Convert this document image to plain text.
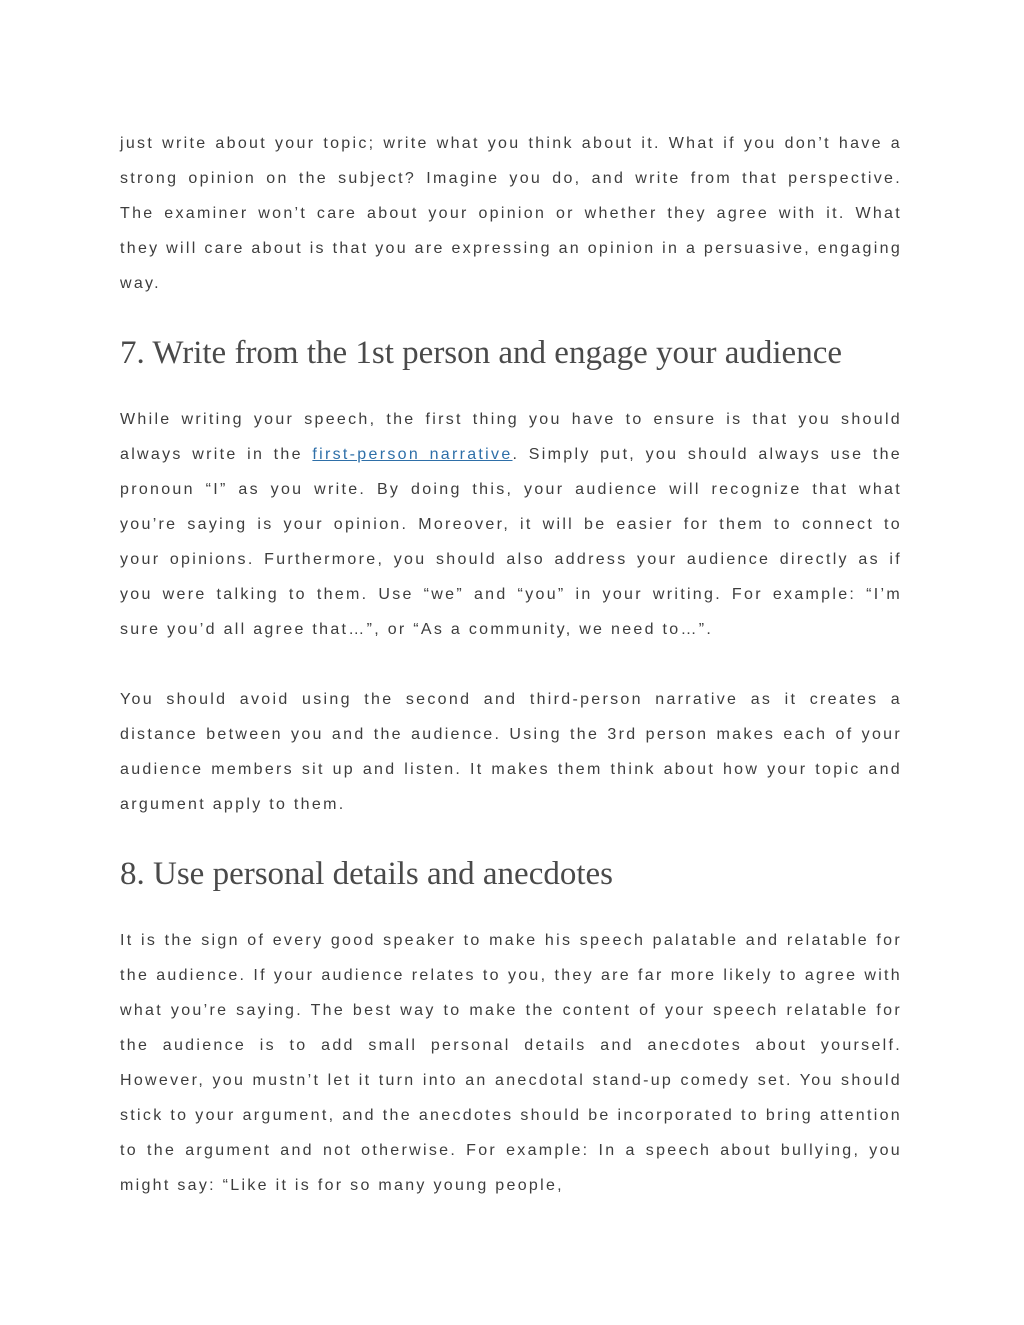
just write about your topic; write what you think about it. What if you don’t have a strong opinion on the subject? Imagine you do, and write from that perspective. The examiner won’t care about your opinion or whether they agree with it. What they will care about is that you are expressing an opinion in a persuasive, engaging way.

7. Write from the 1st person and engage your audience

While writing your speech, the first thing you have to ensure is that you should always write in the first-person narrative. Simply put, you should always use the pronoun “I” as you write. By doing this, your audience will recognize that what you’re saying is your opinion. Moreover, it will be easier for them to connect to your opinions. Furthermore, you should also address your audience directly as if you were talking to them. Use “we” and “you” in your writing. For example: “I’m sure you’d all agree that…”, or “As a community, we need to…”.

You should avoid using the second and third-person narrative as it creates a distance between you and the audience. Using the 3rd person makes each of your audience members sit up and listen. It makes them think about how your topic and argument apply to them.

8. Use personal details and anecdotes

It is the sign of every good speaker to make his speech palatable and relatable for the audience. If your audience relates to you, they are far more likely to agree with what you’re saying. The best way to make the content of your speech relatable for the audience is to add small personal details and anecdotes about yourself. However, you mustn’t let it turn into an anecdotal stand-up comedy set. You should stick to your argument, and the anecdotes should be incorporated to bring attention to the argument and not otherwise. For example: In a speech about bullying, you might say: “Like it is for so many young people,
